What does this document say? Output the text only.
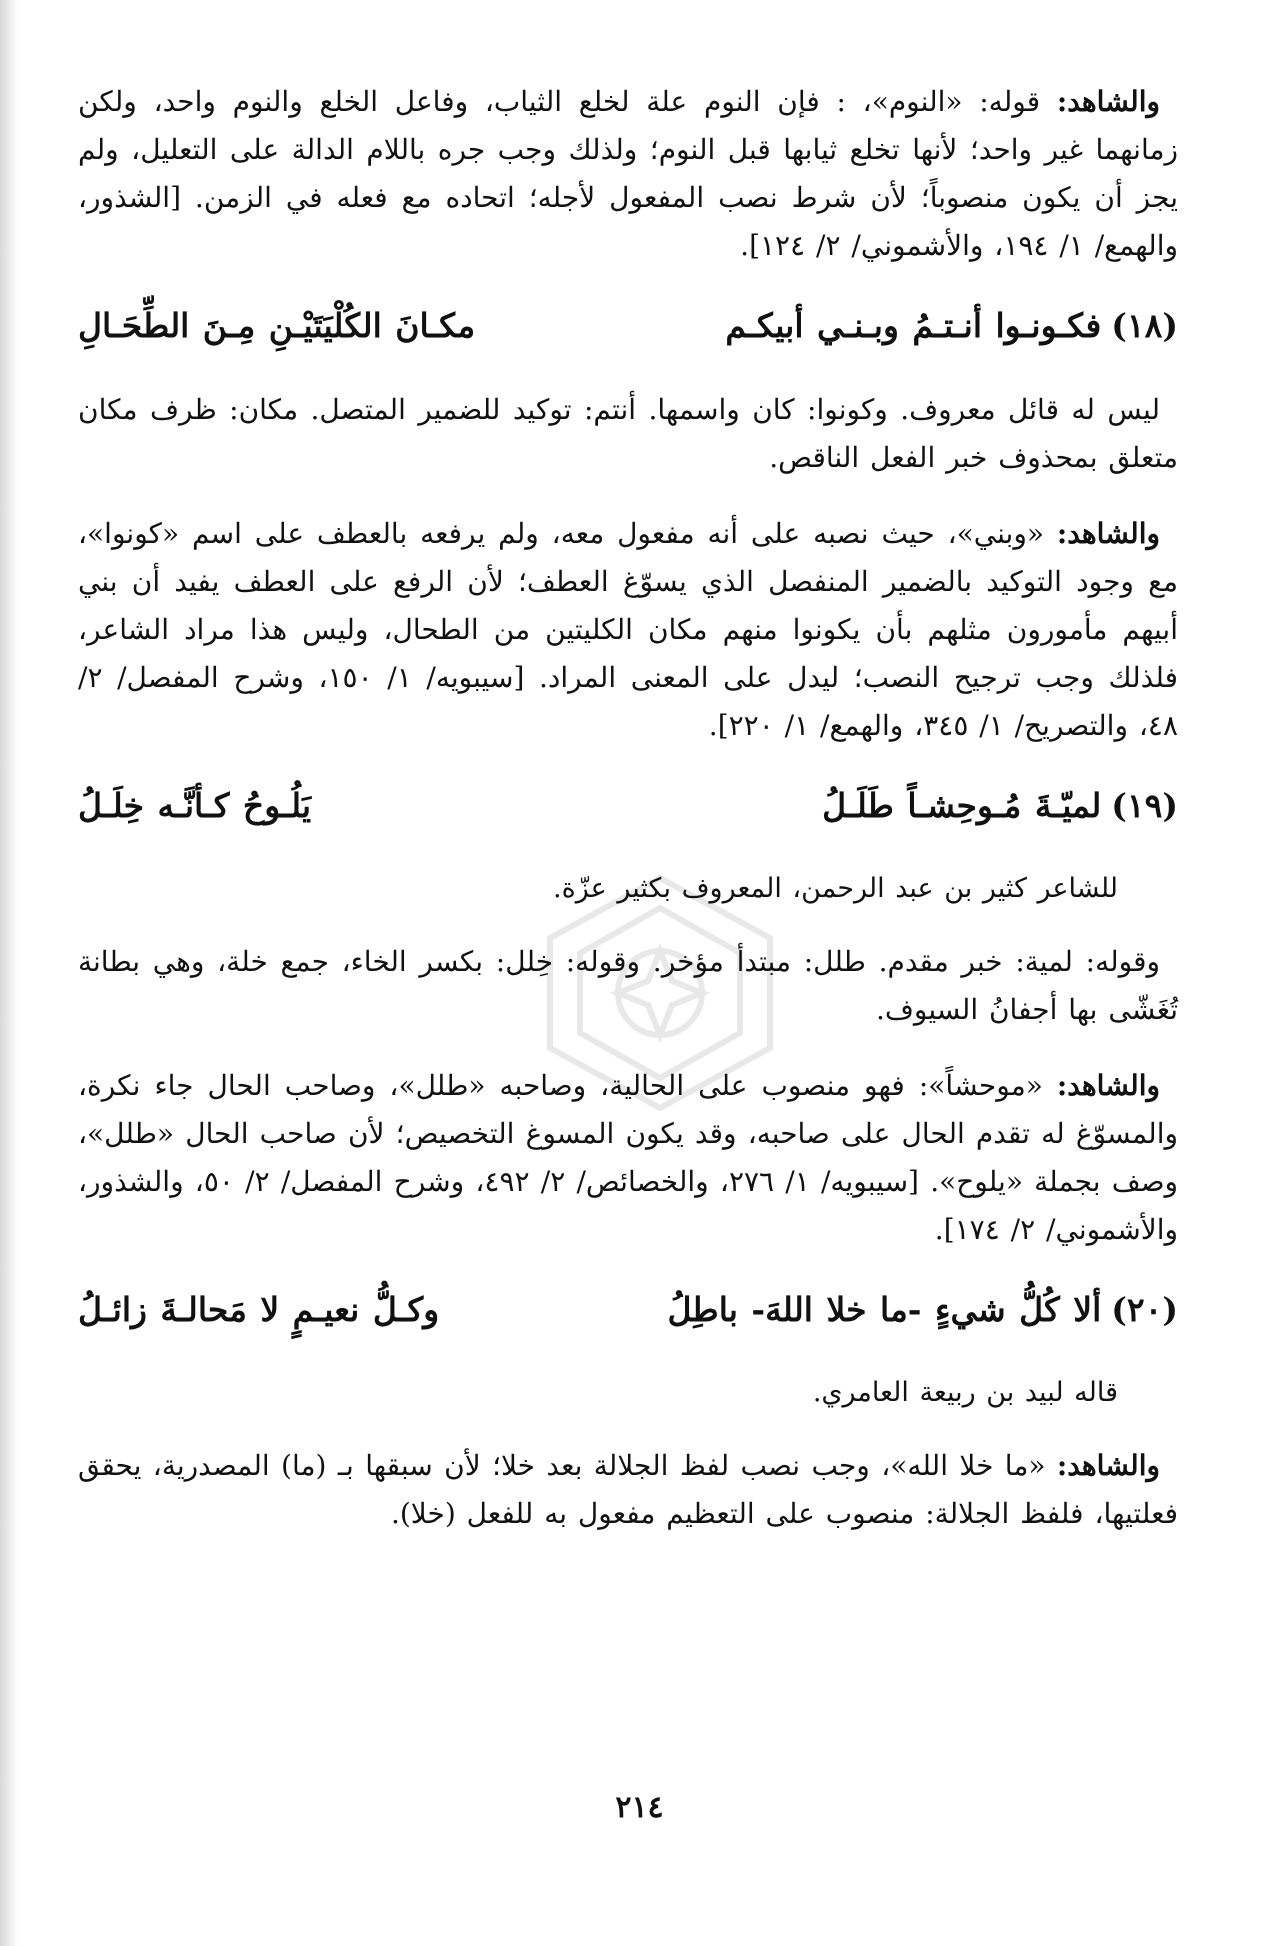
والشاهد: قوله: «النوم»، : فإن النوم علة لخلع الثياب، وفاعل الخلع والنوم واحد، ولكن زمانهما غير واحد؛ لأنها تخلع ثيابها قبل النوم؛ ولذلك وجب جره باللام الدالة على التعليل، ولم يجز أن يكون منصوباً؛ لأن شرط نصب المفعول لأجله؛ اتحاده مع فعله في الزمن. [الشذور، والهمع/ ١/ ١٩٤، والأشموني/ ٢/ ١٢٤].

(١٨)
فكـونـوا أنـتـمُ وبـنـي أبيكـم
مكـانَ الكُلْيَتَيْـنِ مِـنَ الطِّحَـالِ

ليس له قائل معروف. وكونوا: كان واسمها. أنتم: توكيد للضمير المتصل. مكان: ظرف مكان متعلق بمحذوف خبر الفعل الناقص.

والشاهد: «وبني»، حيث نصبه على أنه مفعول معه، ولم يرفعه بالعطف على اسم «كونوا»، مع وجود التوكيد بالضمير المنفصل الذي يسوّغ العطف؛ لأن الرفع على العطف يفيد أن بني أبيهم مأمورون مثلهم بأن يكونوا منهم مكان الكليتين من الطحال، وليس هذا مراد الشاعر، فلذلك وجب ترجيح النصب؛ ليدل على المعنى المراد. [سيبويه/ ١/ ١٥٠، وشرح المفصل/ ٢/ ٤٨، والتصريح/ ١/ ٣٤٥، والهمع/ ١/ ٢٢٠].

(١٩)
لميّـةَ مُـوحِشـاً طَلَـلُ
يَلُـوحُ كـأنَّـه خِلَـلُ

للشاعر كثير بن عبد الرحمن، المعروف بكثير عزّة.

وقوله: لمية: خبر مقدم. طلل: مبتدأ مؤخر. وقوله: خِلل: بكسر الخاء، جمع خلة، وهي بطانة تُغَشّى بها أجفانُ السيوف.

والشاهد: «موحشاً»: فهو منصوب على الحالية، وصاحبه «طلل»، وصاحب الحال جاء نكرة، والمسوّغ له تقدم الحال على صاحبه، وقد يكون المسوغ التخصيص؛ لأن صاحب الحال «طلل»، وصف بجملة «يلوح». [سيبويه/ ١/ ٢٧٦، والخصائص/ ٢/ ٤٩٢، وشرح المفصل/ ٢/ ٥٠، والشذور، والأشموني/ ٢/ ١٧٤].

(٢٠)
ألا كُلُّ شيءٍ -ما خلا اللهَ- باطِلُ
وكـلُّ نعيـمٍ لا مَحالـةَ زائـلُ

قاله لبيد بن ربيعة العامري.

والشاهد: «ما خلا الله»، وجب نصب لفظ الجلالة بعد خلا؛ لأن سبقها بـ (ما) المصدرية، يحقق فعلتيها، فلفظ الجلالة: منصوب على التعظيم مفعول به للفعل (خلا).

٢١٤
